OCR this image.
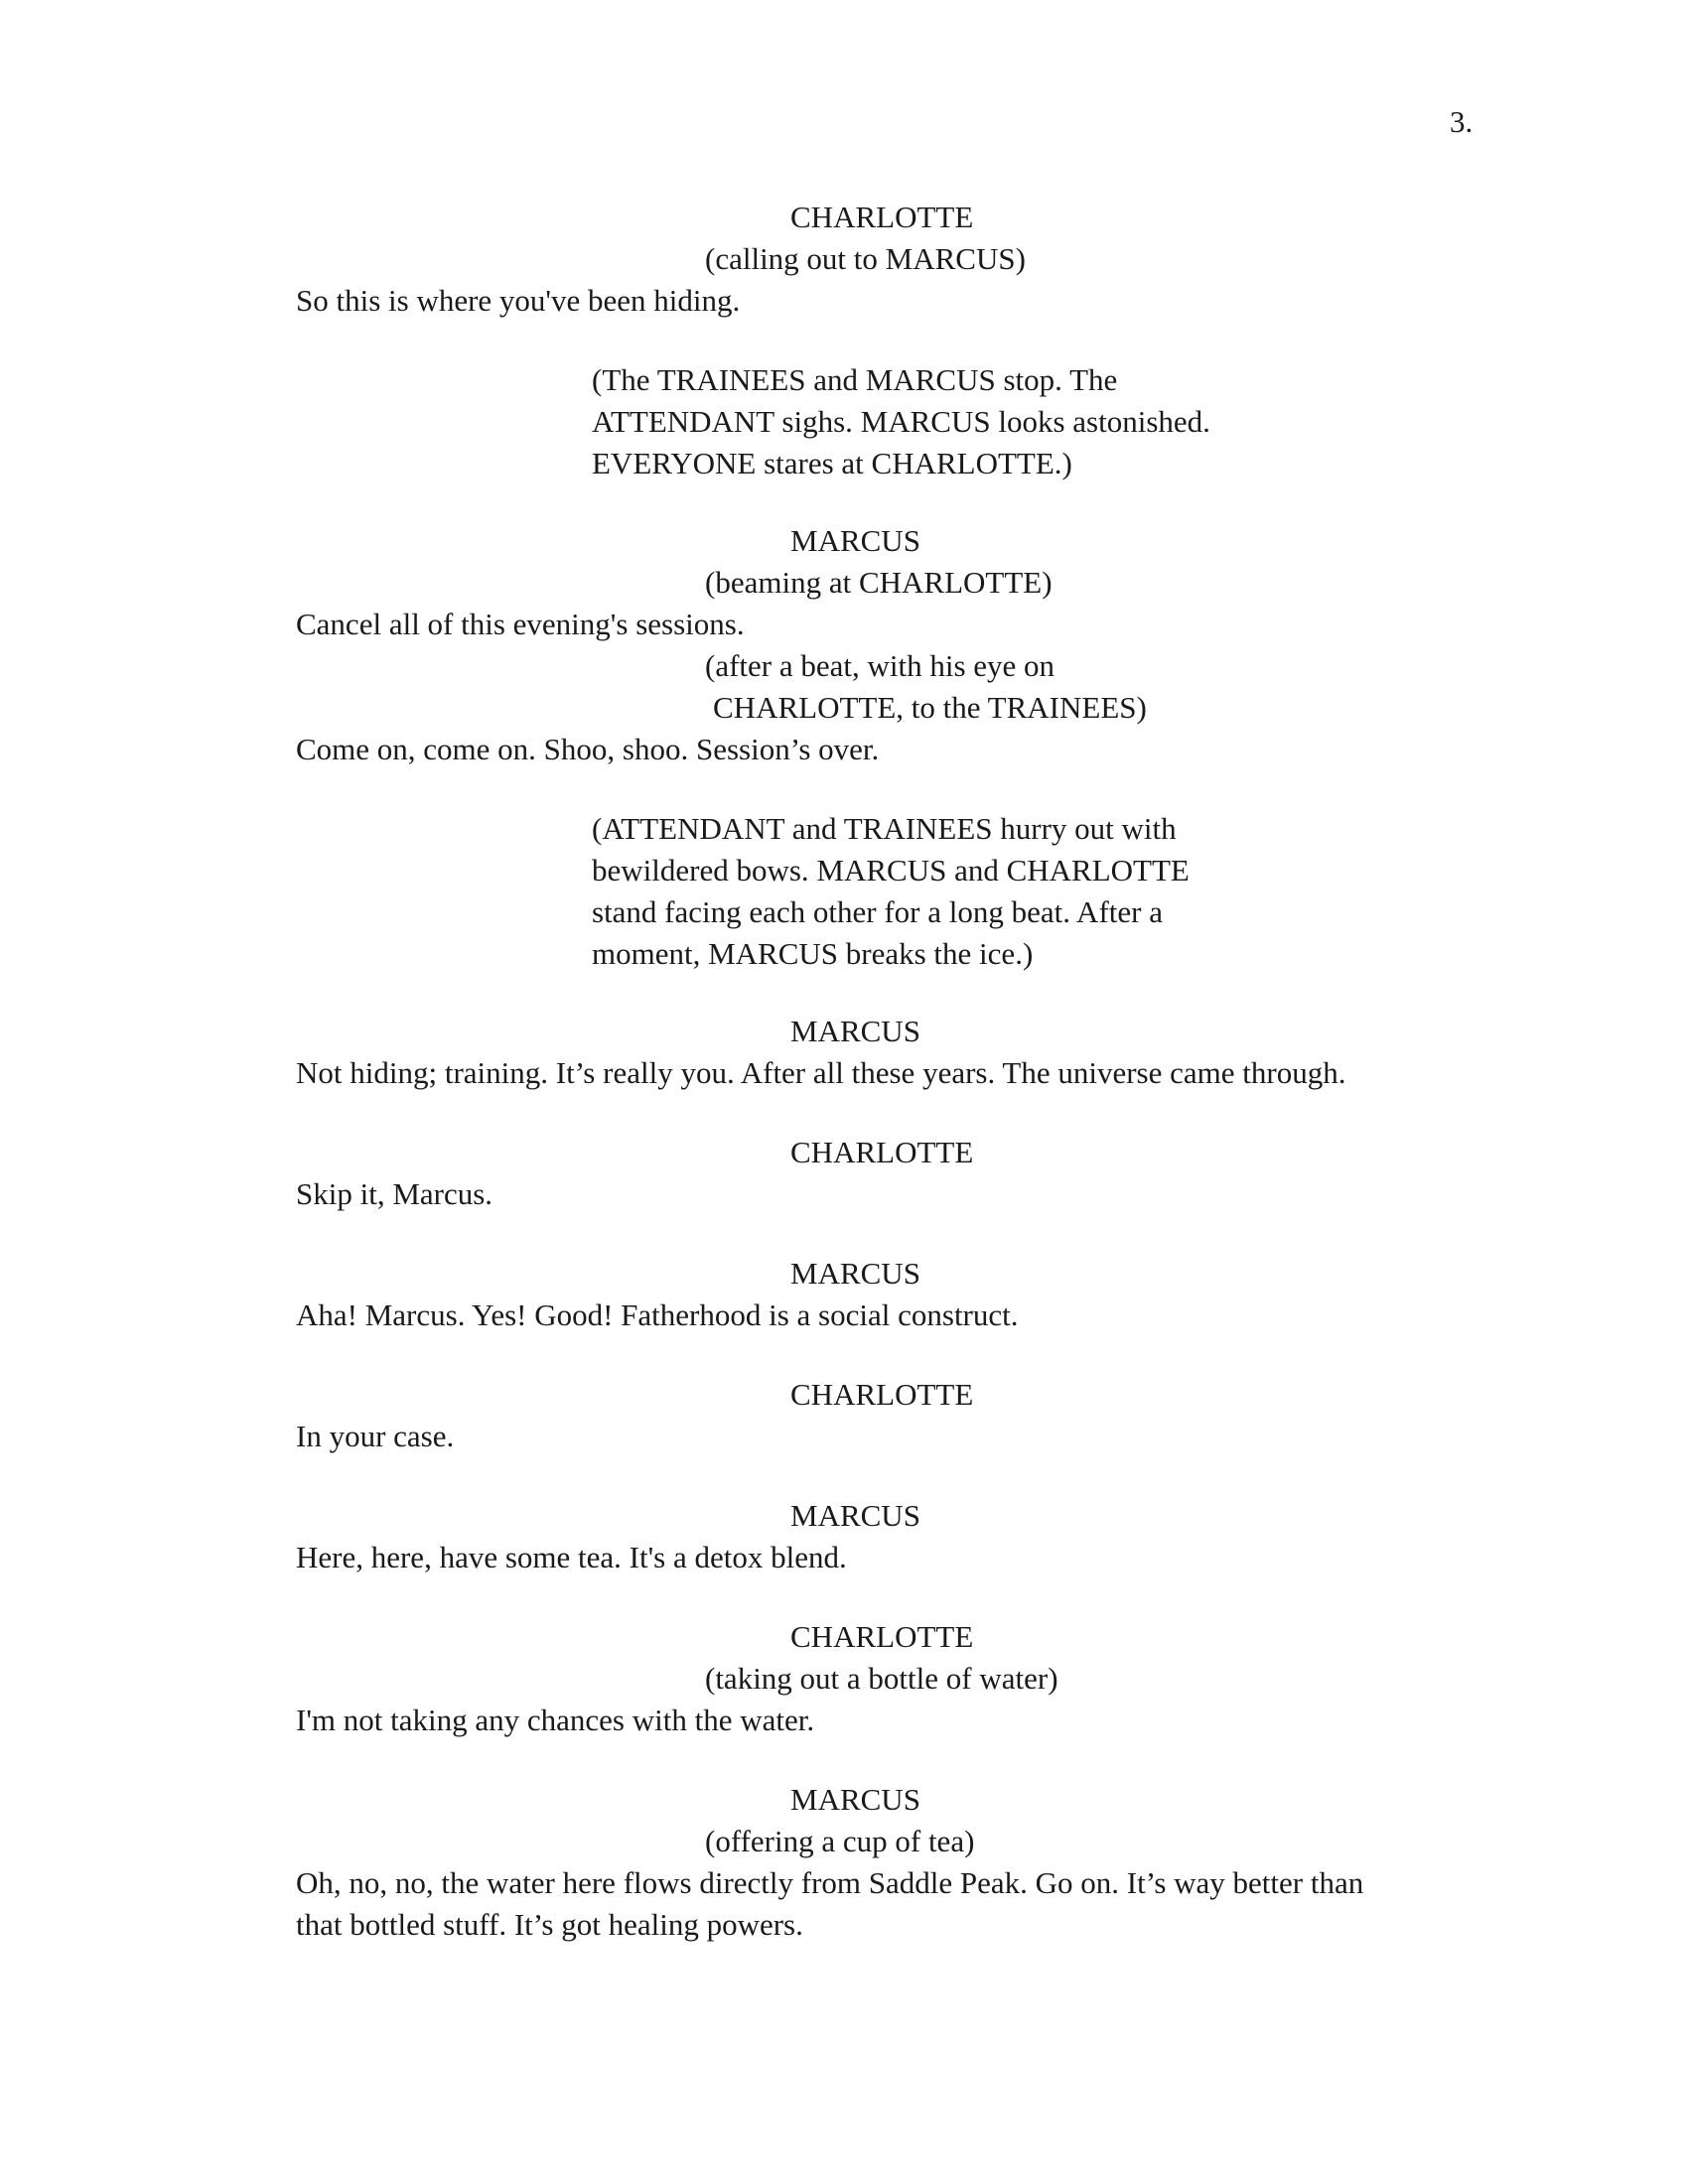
3.
CHARLOTTE
(calling out to MARCUS)
So this is where you've been hiding.
(The TRAINEES and MARCUS stop. The
ATTENDANT sighs. MARCUS looks astonished.
EVERYONE stares at CHARLOTTE.)
MARCUS
(beaming at CHARLOTTE)
Cancel all of this evening's sessions.
(after a beat, with his eye on
CHARLOTTE, to the TRAINEES)
Come on, come on. Shoo, shoo. Session’s over.
(ATTENDANT and TRAINEES hurry out with
bewildered bows. MARCUS and CHARLOTTE
stand facing each other for a long beat. After a
moment, MARCUS breaks the ice.)
MARCUS
Not hiding; training. It’s really you. After all these years. The universe came through.
CHARLOTTE
Skip it, Marcus.
MARCUS
Aha! Marcus. Yes! Good! Fatherhood is a social construct.
CHARLOTTE
In your case.
MARCUS
Here, here, have some tea. It's a detox blend.
CHARLOTTE
(taking out a bottle of water)
I'm not taking any chances with the water.
MARCUS
(offering a cup of tea)
Oh, no, no, the water here flows directly from Saddle Peak. Go on. It’s way better than
that bottled stuff. It’s got healing powers.
